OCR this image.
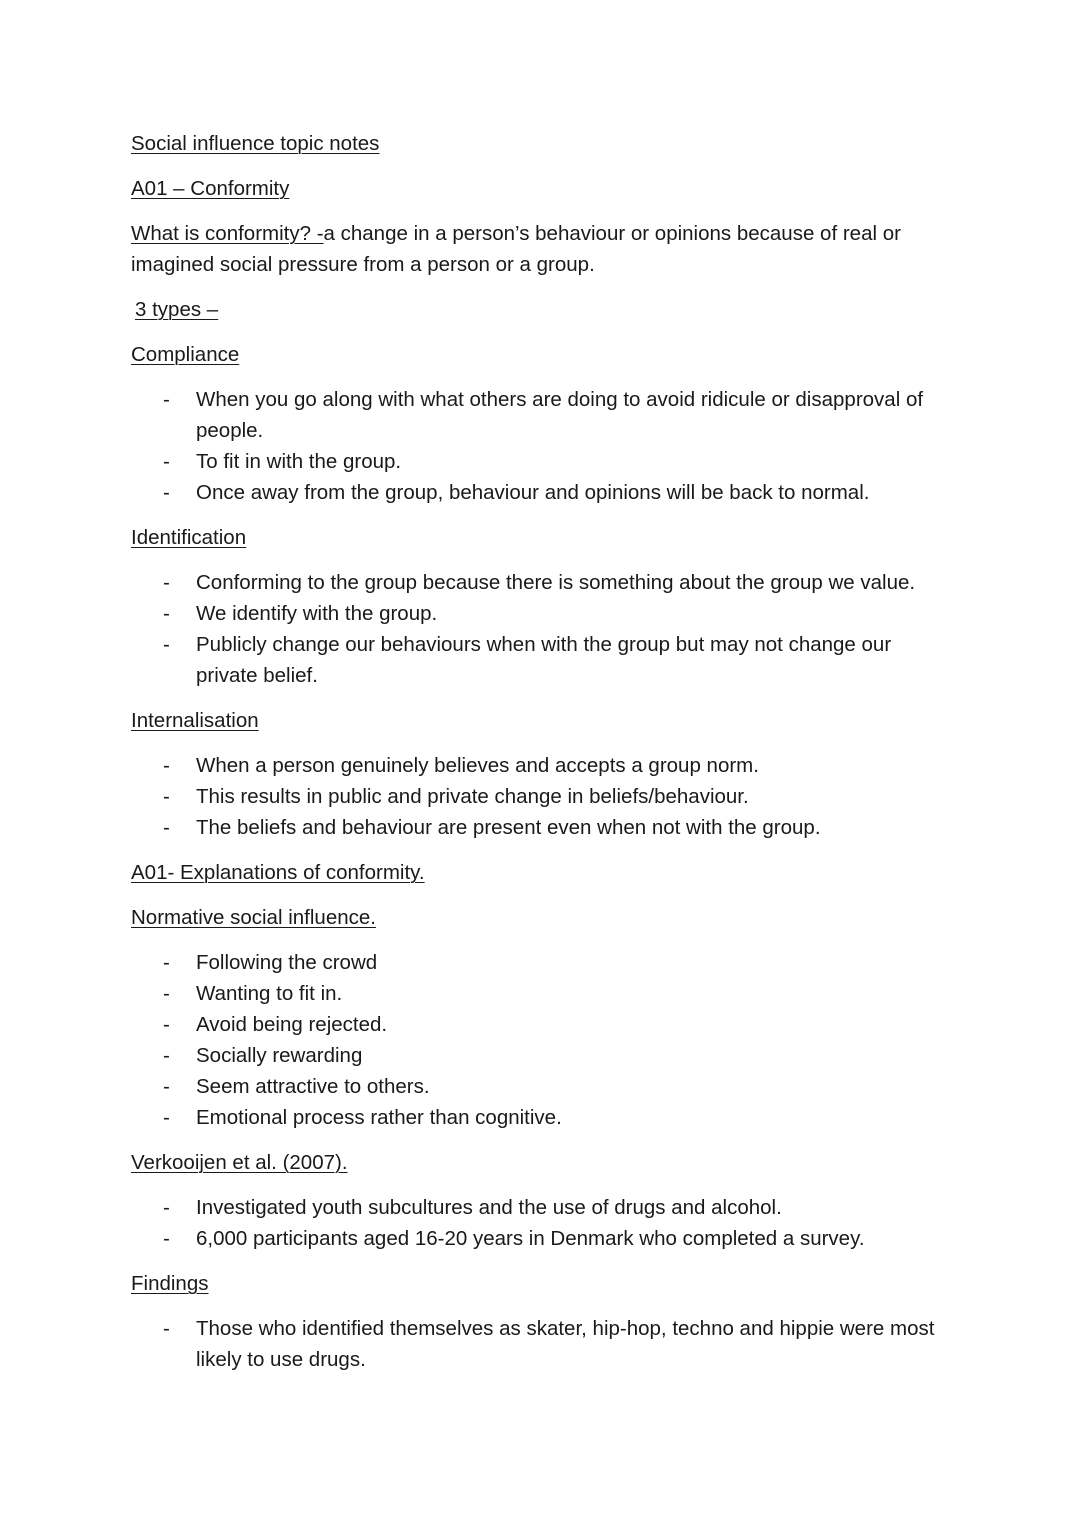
Social influence topic notes

A01 – Conformity

What is conformity? -a change in a person’s behaviour or opinions because of real or imagined social pressure from a person or a group.

3 types –

Compliance

- When you go along with what others are doing to avoid ridicule or disapproval of people.
- To fit in with the group.
- Once away from the group, behaviour and opinions will be back to normal.

Identification

- Conforming to the group because there is something about the group we value.
- We identify with the group.
- Publicly change our behaviours when with the group but may not change our private belief.

Internalisation

- When a person genuinely believes and accepts a group norm.
- This results in public and private change in beliefs/behaviour.
- The beliefs and behaviour are present even when not with the group.

A01- Explanations of conformity.

Normative social influence.

- Following the crowd
- Wanting to fit in.
- Avoid being rejected.
- Socially rewarding
- Seem attractive to others.
- Emotional process rather than cognitive.

Verkooijen et al. (2007).

- Investigated youth subcultures and the use of drugs and alcohol.
- 6,000 participants aged 16-20 years in Denmark who completed a survey.

Findings

- Those who identified themselves as skater, hip-hop, techno and hippie were most likely to use drugs.
